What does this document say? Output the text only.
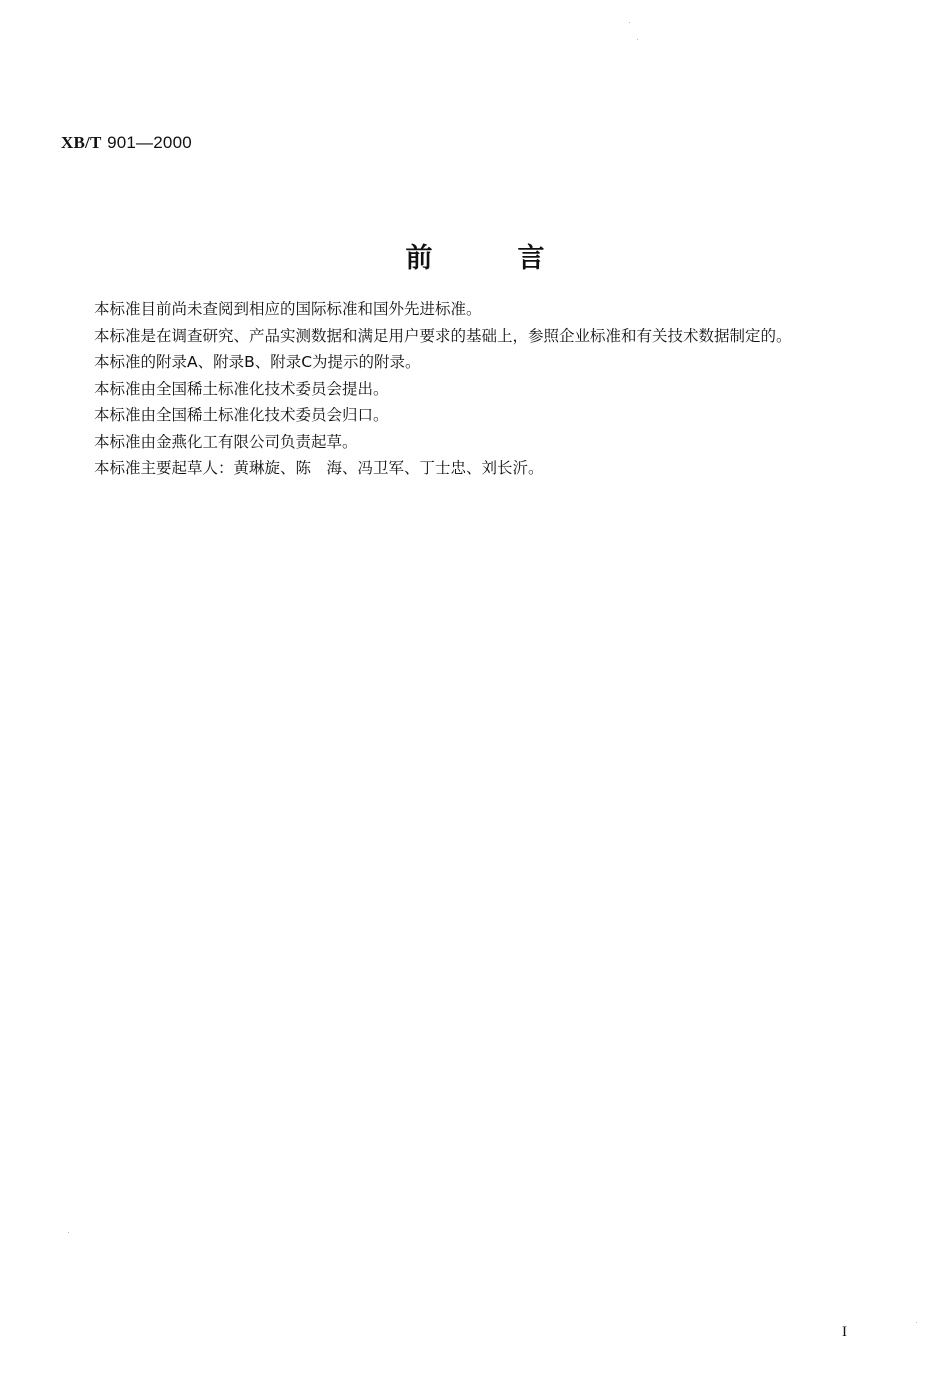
XB/T 901—2000
前言

本标准目前尚未查阅到相应的国际标准和国外先进标准。

本标准是在调查研究、产品实测数据和满足用户要求的基础上，参照企业标准和有关技术数据制定的。

本标准的附录A、附录B、附录C为提示的附录。

本标准由全国稀土标准化技术委员会提出。

本标准由全国稀土标准化技术委员会归口。

本标准由金燕化工有限公司负责起草。

本标准主要起草人：黄琳旋、陈　海、冯卫军、丁士忠、刘长沂。

I
